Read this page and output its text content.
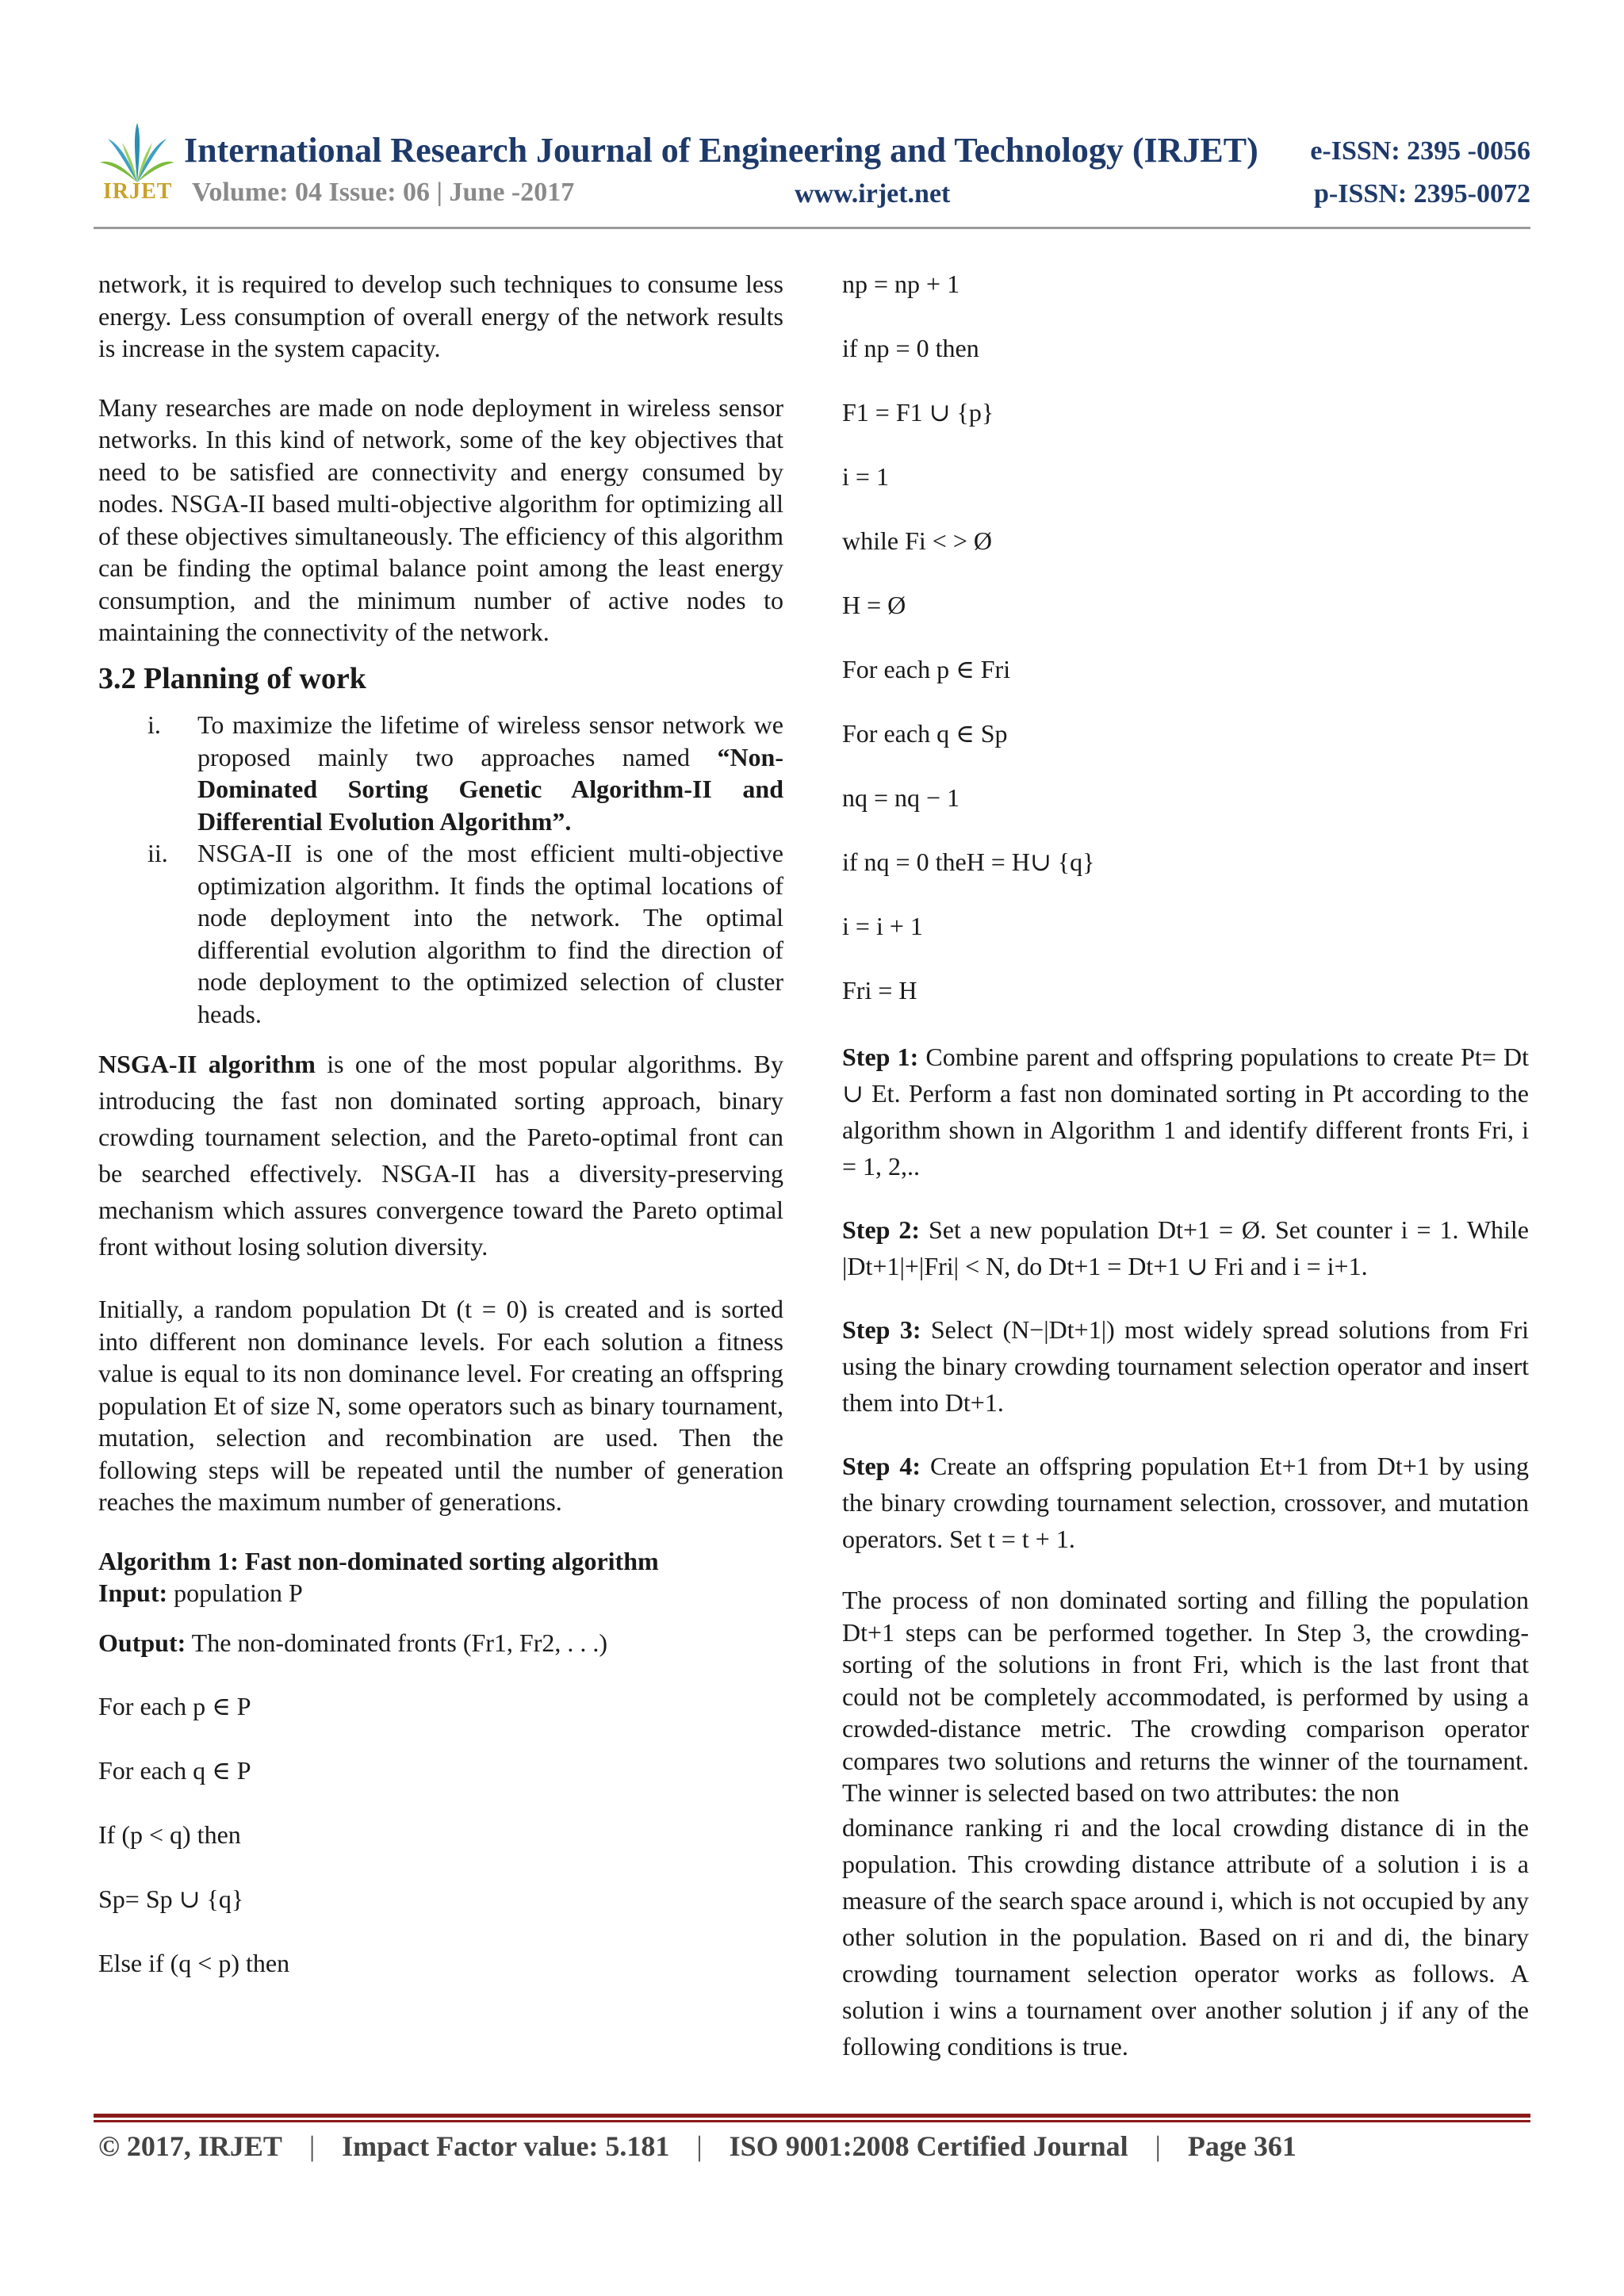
IRJET
International Research Journal of Engineering and Technology (IRJET) e-ISSN: 2395 -0056
Volume: 04 Issue: 06 | June -2017	www.irjet.net	p-ISSN: 2395-0072

network, it is required to develop such techniques to consume less energy. Less consumption of overall energy of the network results is increase in the system capacity.

Many researches are made on node deployment in wireless sensor networks. In this kind of network, some of the key objectives that need to be satisfied are connectivity and energy consumed by nodes. NSGA-II based multi-objective algorithm for optimizing all of these objectives simultaneously. The efficiency of this algorithm can be finding the optimal balance point among the least energy consumption, and the minimum number of active nodes to maintaining the connectivity of the network.

3.2 Planning of work
i. To maximize the lifetime of wireless sensor network we proposed mainly two approaches named “Non-Dominated Sorting Genetic Algorithm-II and Differential Evolution Algorithm”.
ii. NSGA-II is one of the most efficient multi-objective optimization algorithm. It finds the optimal locations of node deployment into the network. The optimal differential evolution algorithm to find the direction of node deployment to the optimized selection of cluster heads.

NSGA-II algorithm is one of the most popular algorithms. By introducing the fast non dominated sorting approach, binary crowding tournament selection, and the Pareto-optimal front can be searched effectively. NSGA-II has a diversity-preserving mechanism which assures convergence toward the Pareto optimal front without losing solution diversity.

Initially, a random population Dt (t = 0) is created and is sorted into different non dominance levels. For each solution a fitness value is equal to its non dominance level. For creating an offspring population Et of size N, some operators such as binary tournament, mutation, selection and recombination are used. Then the following steps will be repeated until the number of generation reaches the maximum number of generations.

Algorithm 1: Fast non-dominated sorting algorithm

Input: population P

Output: The non-dominated fronts (Fr1, Fr2, . . .)

For each p ∈ P
For each q ∈ P
If (p < q) then
Sp= Sp ∪ {q}
Else if (q < p) then
np = np + 1
if np = 0 then
F1 = F1 ∪ {p}
i = 1
while Fi < > Ø
H = Ø
For each p ∈ Fri
For each q ∈ Sp
nq = nq − 1
if nq = 0 theH = H∪ {q}
i = i + 1
Fri = H

Step 1: Combine parent and offspring populations to create Pt= Dt ∪ Et. Perform a fast non dominated sorting in Pt according to the algorithm shown in Algorithm 1 and identify different fronts Fri, i = 1, 2,..

Step 2: Set a new population Dt+1 = Ø. Set counter i = 1. While |Dt+1|+|Fri| < N, do Dt+1 = Dt+1 ∪ Fri and i = i+1.

Step 3: Select (N−|Dt+1|) most widely spread solutions from Fri using the binary crowding tournament selection operator and insert them into Dt+1.

Step 4: Create an offspring population Et+1 from Dt+1 by using the binary crowding tournament selection, crossover, and mutation operators. Set t = t + 1.

The process of non dominated sorting and filling the population Dt+1 steps can be performed together. In Step 3, the crowding-sorting of the solutions in front Fri, which is the last front that could not be completely accommodated, is performed by using a crowded-distance metric. The crowding comparison operator compares two solutions and returns the winner of the tournament. The winner is selected based on two attributes: the non

dominance ranking ri and the local crowding distance di in the population. This crowding distance attribute of a solution i is a measure of the search space around i, which is not occupied by any other solution in the population. Based on ri and di, the binary crowding tournament selection operator works as follows. A solution i wins a tournament over another solution j if any of the following conditions is true.

© 2017, IRJET | Impact Factor value: 5.181 | ISO 9001:2008 Certified Journal | Page 361
